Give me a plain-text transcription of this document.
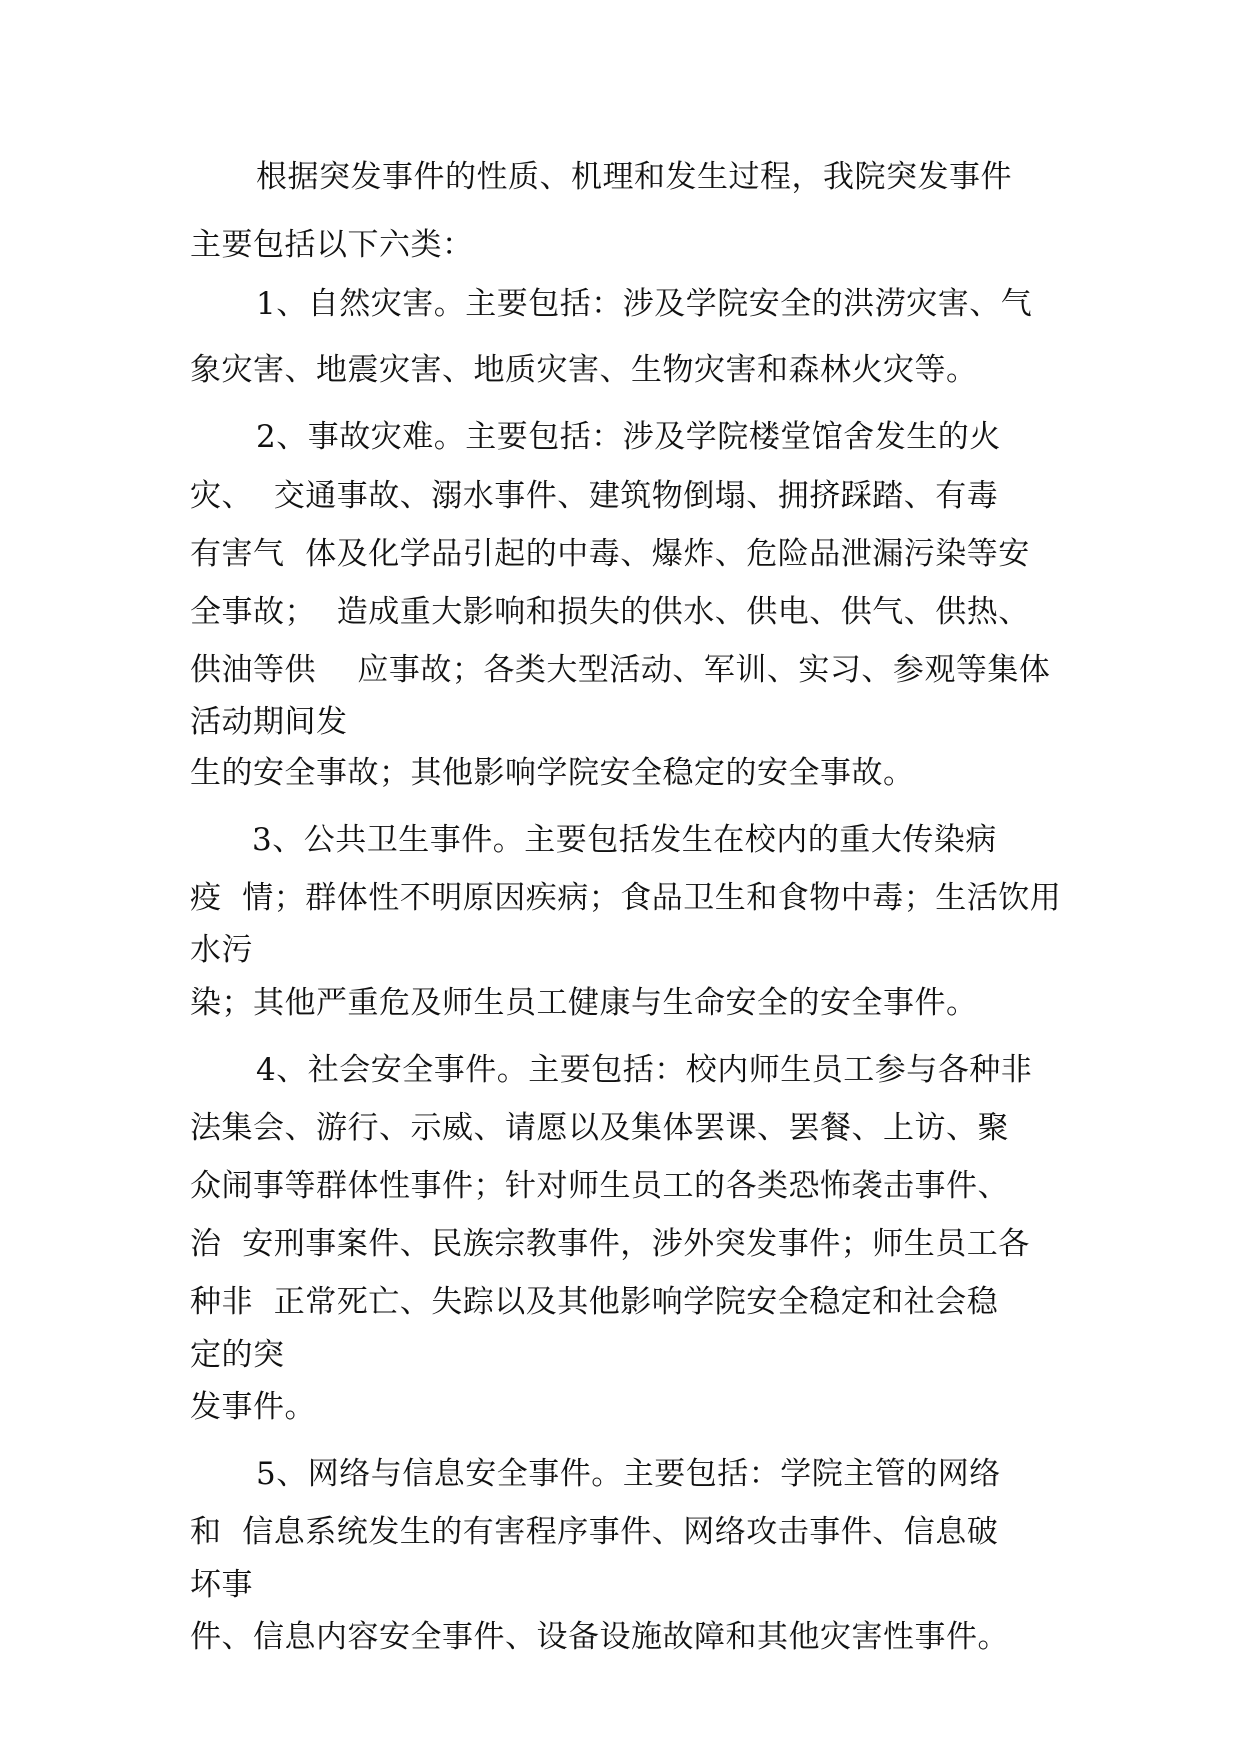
根据突发事件的性质、机理和发生过程，我院突发事件
主要包括以下六类：
1、自然灾害。主要包括：涉及学院安全的洪涝灾害、气
象灾害、地震灾害、地质灾害、生物灾害和森林火灾等。
2、事故灾难。主要包括：涉及学院楼堂馆舍发生的火
灾、  交通事故、溺水事件、建筑物倒塌、拥挤踩踏、有毒
有害气  体及化学品引起的中毒、爆炸、危险品泄漏污染等安
全事故；  造成重大影响和损失的供水、供电、供气、供热、
供油等供    应事故；各类大型活动、军训、实习、参观等集体
活动期间发
生的安全事故；其他影响学院安全稳定的安全事故。
3、公共卫生事件。主要包括发生在校内的重大传染病
疫  情；群体性不明原因疾病；食品卫生和食物中毒；生活饮用
水污
染；其他严重危及师生员工健康与生命安全的安全事件。
4、社会安全事件。主要包括：校内师生员工参与各种非
法集会、游行、示威、请愿以及集体罢课、罢餐、上访、聚
众闹事等群体性事件；针对师生员工的各类恐怖袭击事件、
治  安刑事案件、民族宗教事件，涉外突发事件；师生员工各
种非  正常死亡、失踪以及其他影响学院安全稳定和社会稳
定的突
发事件。
5、网络与信息安全事件。主要包括：学院主管的网络
和  信息系统发生的有害程序事件、网络攻击事件、信息破
坏事
件、信息内容安全事件、设备设施故障和其他灾害性事件。
